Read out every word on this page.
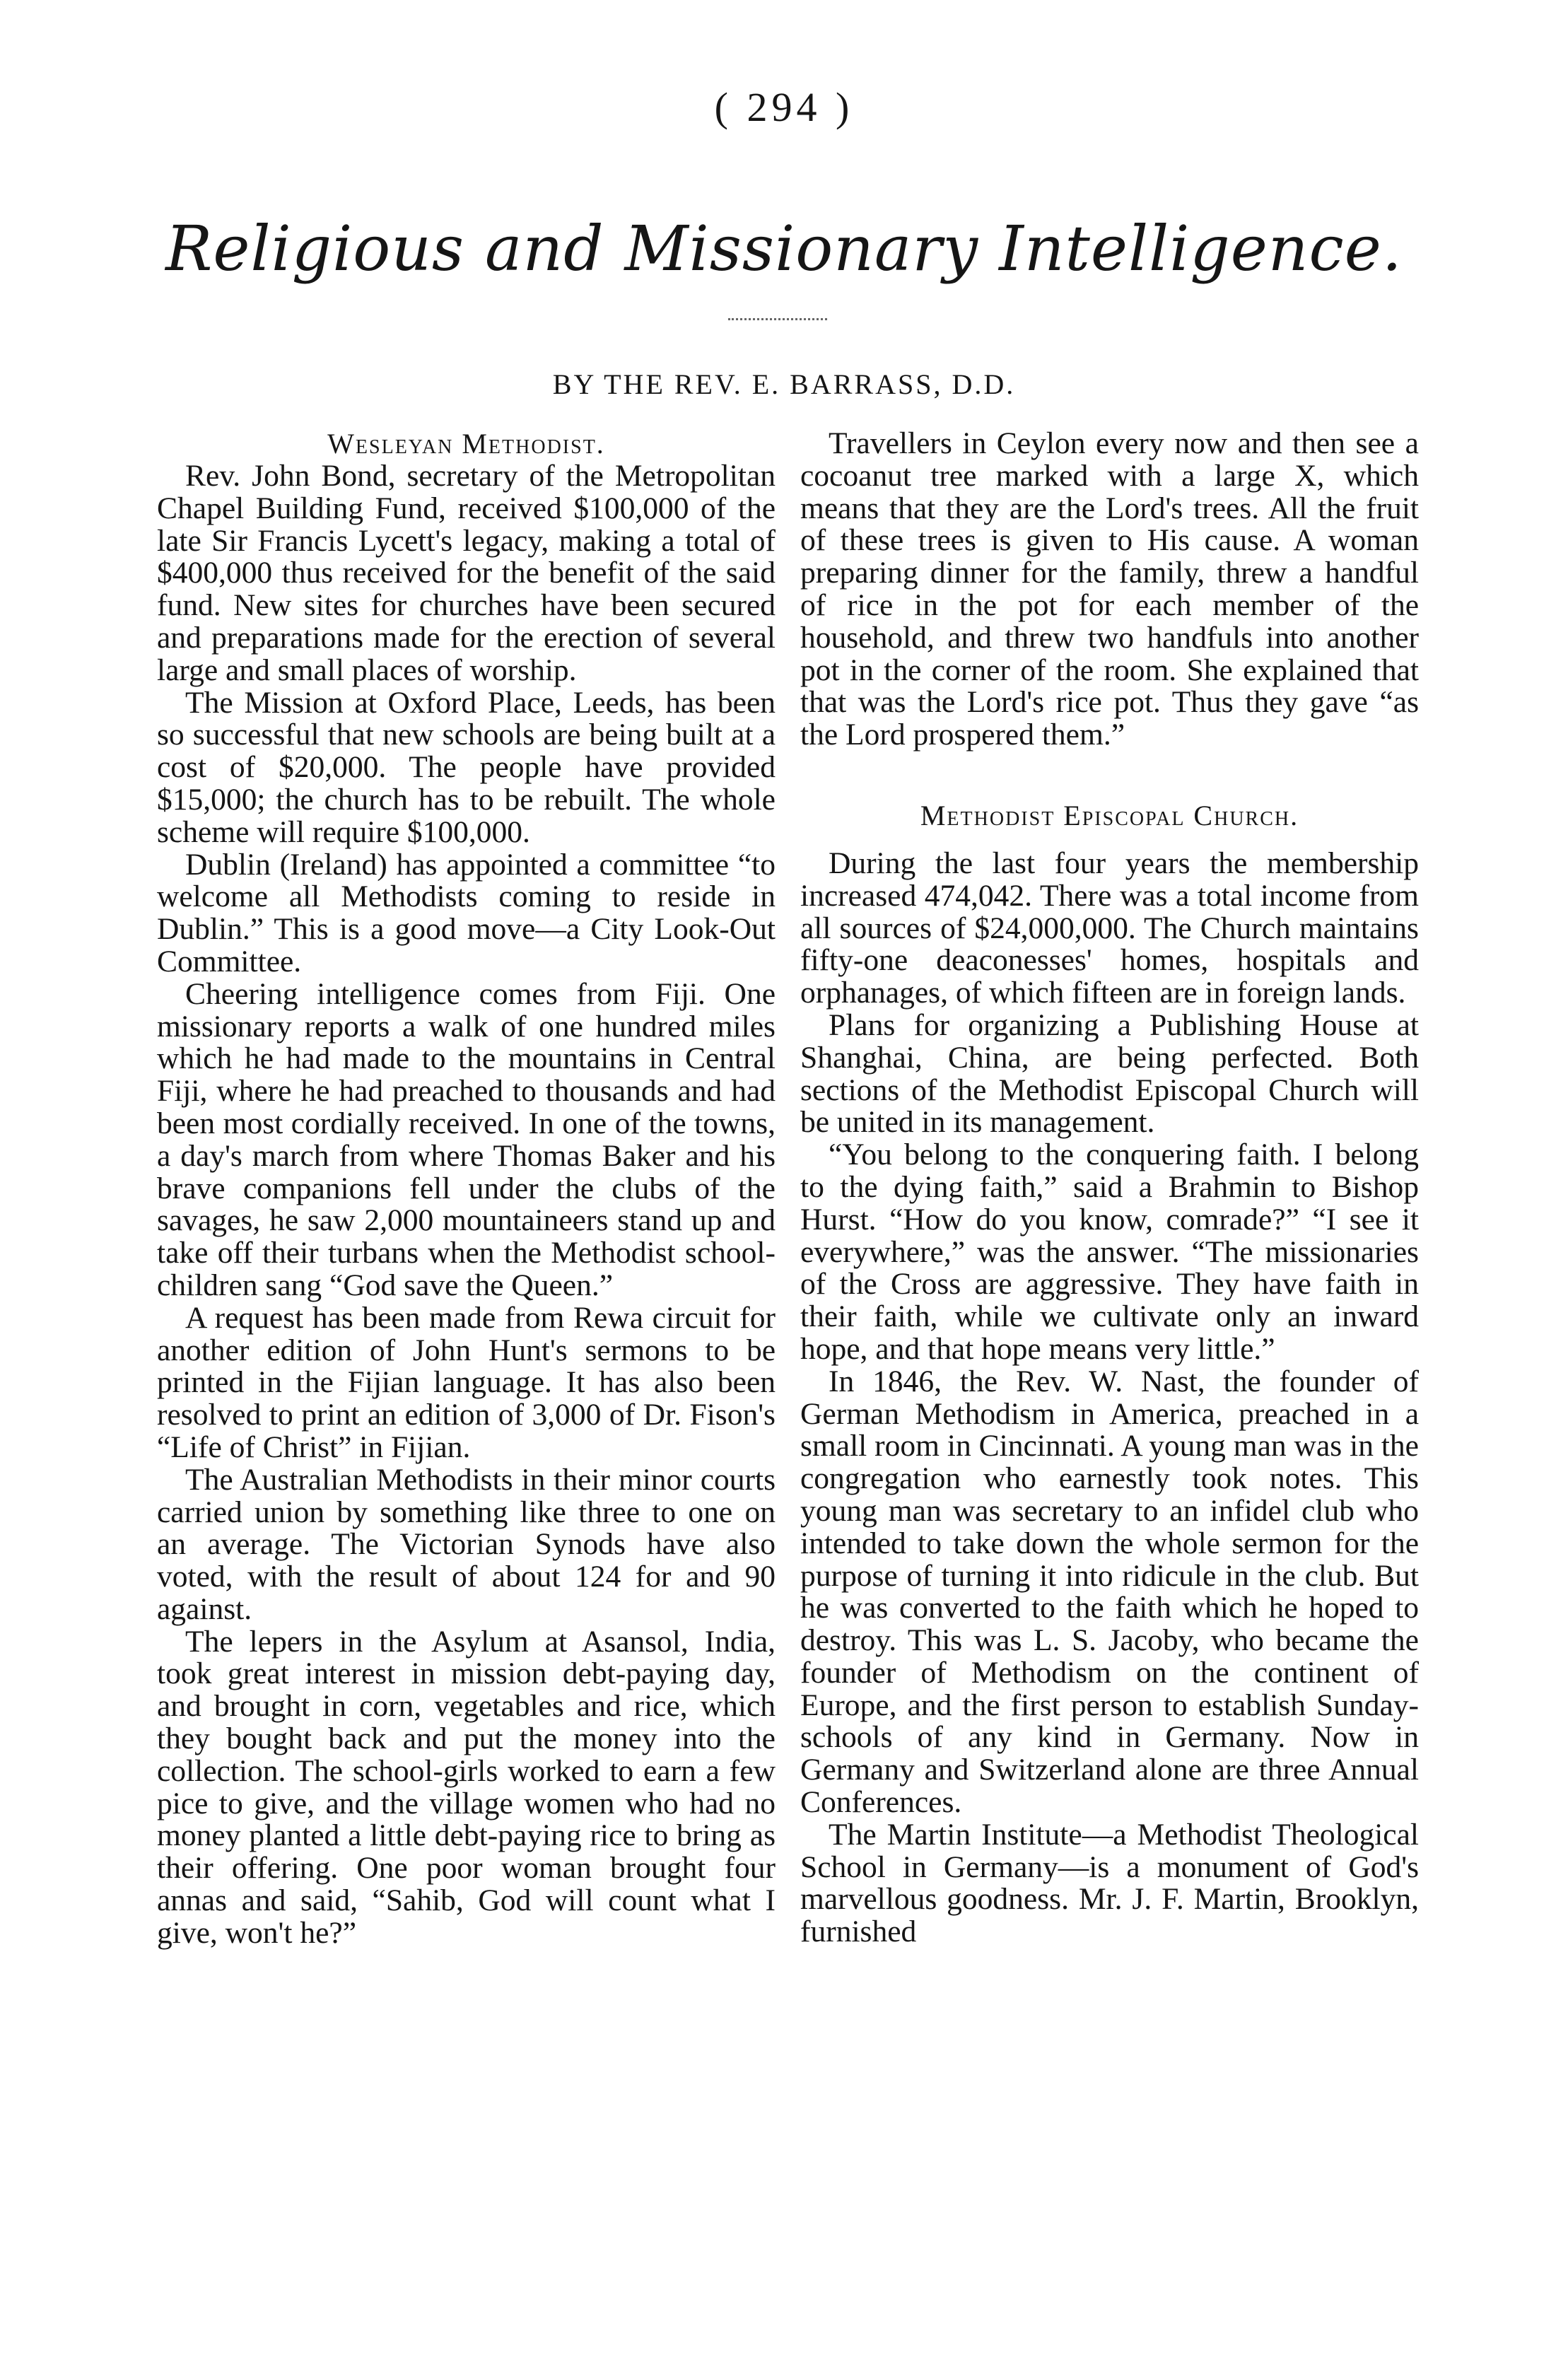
( 294 )
Religious and Missionary Intelligence.
BY THE REV. E. BARRASS, D.D.
Wesleyan Methodist.

Rev. John Bond, secretary of the Metropolitan Chapel Building Fund, received $100,000 of the late Sir Francis Lycett's legacy, making a total of $400,000 thus received for the benefit of the said fund. New sites for churches have been secured and preparations made for the erection of several large and small places of worship.

The Mission at Oxford Place, Leeds, has been so successful that new schools are being built at a cost of $20,000. The people have provided $15,000; the church has to be rebuilt. The whole scheme will require $100,000.

Dublin (Ireland) has appointed a committee “to welcome all Methodists coming to reside in Dublin.” This is a good move—a City Look-Out Committee.

Cheering intelligence comes from Fiji. One missionary reports a walk of one hundred miles which he had made to the mountains in Central Fiji, where he had preached to thousands and had been most cordially received. In one of the towns, a day's march from where Thomas Baker and his brave companions fell under the clubs of the savages, he saw 2,000 mountaineers stand up and take off their turbans when the Methodist school-children sang “God save the Queen.”

A request has been made from Rewa circuit for another edition of John Hunt's sermons to be printed in the Fijian language. It has also been resolved to print an edition of 3,000 of Dr. Fison's “Life of Christ” in Fijian.

The Australian Methodists in their minor courts carried union by something like three to one on an average. The Victorian Synods have also voted, with the result of about 124 for and 90 against.

The lepers in the Asylum at Asansol, India, took great interest in mission debt-paying day, and brought in corn, vegetables and rice, which they bought back and put the money into the collection. The school-girls worked to earn a few pice to give, and the village women who had no money planted a little debt-paying rice to bring as their offering. One poor woman brought four annas and said, “Sahib, God will count what I give, won't he?”

Travellers in Ceylon every now and then see a cocoanut tree marked with a large X, which means that they are the Lord's trees. All the fruit of these trees is given to His cause. A woman preparing dinner for the family, threw a handful of rice in the pot for each member of the household, and threw two handfuls into another pot in the corner of the room. She explained that that was the Lord's rice pot. Thus they gave “as the Lord prospered them.”

Methodist Episcopal Church.

During the last four years the membership increased 474,042. There was a total income from all sources of $24,000,000. The Church maintains fifty-one deaconesses' homes, hospitals and orphanages, of which fifteen are in foreign lands.

Plans for organizing a Publishing House at Shanghai, China, are being perfected. Both sections of the Methodist Episcopal Church will be united in its management.

“You belong to the conquering faith. I belong to the dying faith,” said a Brahmin to Bishop Hurst. “How do you know, comrade?” “I see it everywhere,” was the answer. “The missionaries of the Cross are aggressive. They have faith in their faith, while we cultivate only an inward hope, and that hope means very little.”

In 1846, the Rev. W. Nast, the founder of German Methodism in America, preached in a small room in Cincinnati. A young man was in the congregation who earnestly took notes. This young man was secretary to an infidel club who intended to take down the whole sermon for the purpose of turning it into ridicule in the club. But he was converted to the faith which he hoped to destroy. This was L. S. Jacoby, who became the founder of Methodism on the continent of Europe, and the first person to establish Sunday-schools of any kind in Germany. Now in Germany and Switzerland alone are three Annual Conferences.

The Martin Institute—a Methodist Theological School in Germany—is a monument of God's marvellous goodness. Mr. J. F. Martin, Brooklyn, furnished
